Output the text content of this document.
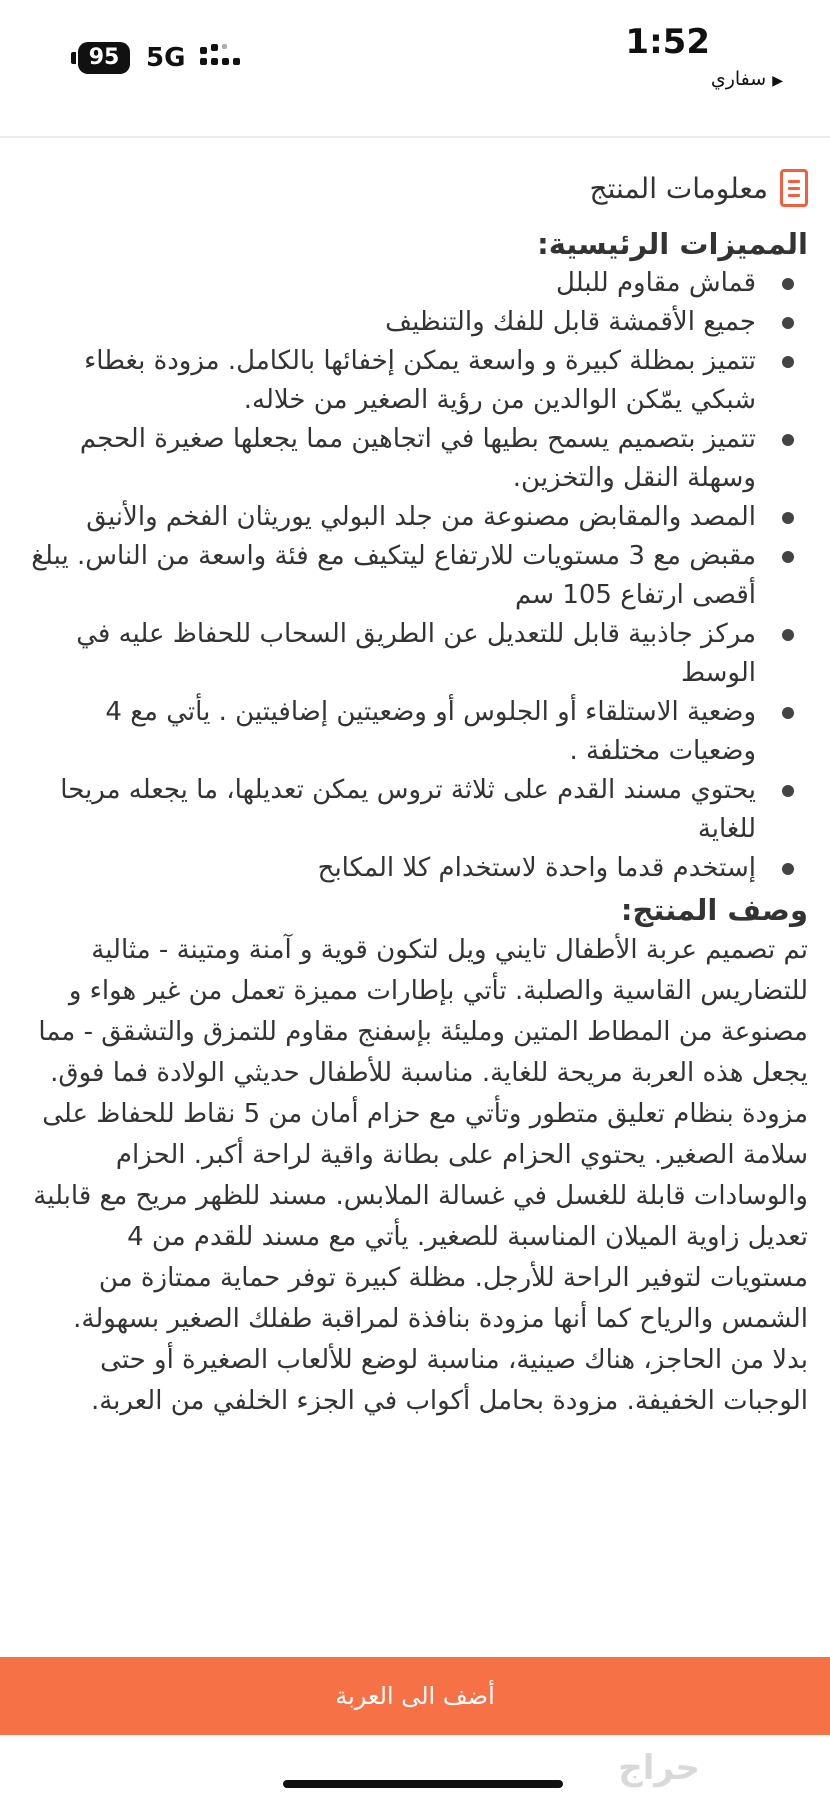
95	5G	1:52
▶سفاري
معلومات المنتج
المميزات الرئيسية:
قماش مقاوم للبلل
جميع الأقمشة قابل للفك والتنظيف
تتميز بمظلة كبيرة و واسعة يمكن إخفائها بالكامل. مزودة بغطاء شبكي يمّكن الوالدين من رؤية الصغير من خلاله.
تتميز بتصميم يسمح بطيها في اتجاهين مما يجعلها صغيرة الحجم وسهلة النقل والتخزين.
المصد والمقابض مصنوعة من جلد البولي يوريثان الفخم والأنيق
مقبض مع 3 مستويات للارتفاع ليتكيف مع فئة واسعة من الناس. يبلغ أقصى ارتفاع 105 سم
مركز جاذبية قابل للتعديل عن الطريق السحاب للحفاظ عليه في الوسط
وضعية الاستلقاء أو الجلوس أو وضعيتين إضافيتين . يأتي مع 4 وضعيات مختلفة .
يحتوي مسند القدم على ثلاثة تروس يمكن تعديلها، ما يجعله مريحا للغاية
إستخدم قدما واحدة لاستخدام كلا المكابح
وصف المنتج:

تم تصميم عربة الأطفال تايني ويل لتكون قوية و آمنة ومتينة - مثالية للتضاريس القاسية والصلبة. تأتي بإطارات مميزة تعمل من غير هواء و مصنوعة من المطاط المتين ومليئة بإسفنج مقاوم للتمزق والتشقق - مما يجعل هذه العربة مريحة للغاية. مناسبة للأطفال حديثي الولادة فما فوق. مزودة بنظام تعليق متطور وتأتي مع حزام أمان من 5 نقاط للحفاظ على سلامة الصغير. يحتوي الحزام على بطانة واقية لراحة أكبر. الحزام والوسادات قابلة للغسل في غسالة الملابس. مسند للظهر مريح مع قابلية تعديل زاوية الميلان المناسبة للصغير. يأتي مع مسند للقدم من 4 مستويات لتوفير الراحة للأرجل. مظلة كبيرة توفر حماية ممتازة من الشمس والرياح كما أنها مزودة بنافذة لمراقبة طفلك الصغير بسهولة. بدلا من الحاجز، هناك صينية، مناسبة لوضع للألعاب الصغيرة أو حتى الوجبات الخفيفة. مزودة بحامل أكواب في الجزء الخلفي من العربة.

أضف الى العربة
حراج
